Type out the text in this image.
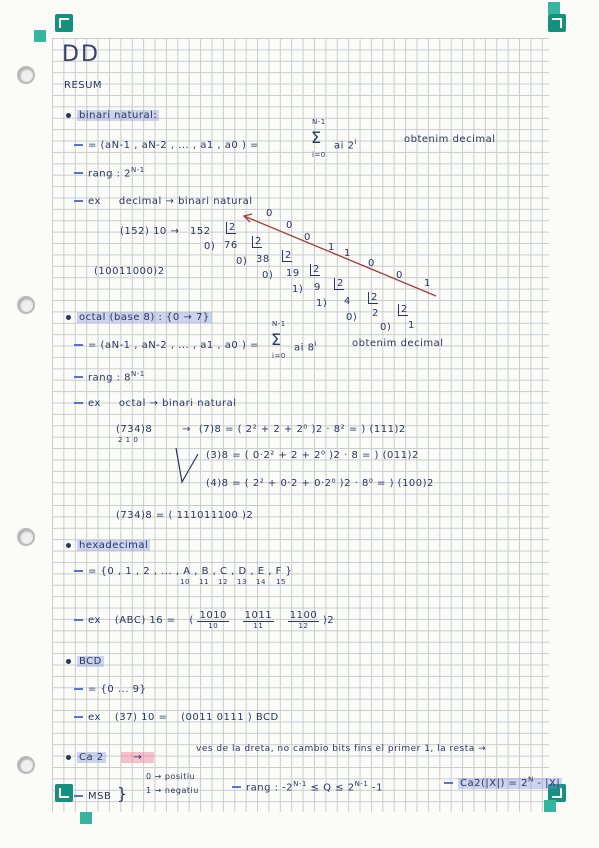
DD
RESUM
binari natural:
= (aN-1 , aN-2 , ... , a1 , a0 ) =
N-1
Σ
i=0
ai 2$^i$	obtenim decimal
rang : $2^{N-1}$
ex decimal → binari natural
(152) 10 → 152	2
0) 76	2
0) 38	2
0) 19	2
1) 9	2
1) 4	2
0) 2	2
0) 1
0
0
0
1
1
0
0
1
(10011000)2
octal (base 8) : {0 → 7}
= (aN-1 , aN-2 , ... , a1 , a0 ) =
N-1
Σ
i=0
ai 8$^i$	obtenim decimal
rang : $8^{N-1}$
ex octal → binari natural
(734)8
2 1 0
→ (7)8 = ( 2² + 2 + 2⁰ )2 · 8² = ) (111)2
(3)8 = ( 0·2² + 2 + 2⁰ )2 · 8 = ) (011)2
(4)8 = ( 2² + 0·2 + 0·2⁰ )2 · 8⁰ = ) (100)2
(734)8 = ( 111011100 )2
hexadecimal
= {0 , 1 , 2 , ... , A , B , C , D , E , F }
10 11 12 13 14 15
ex (ABC) 16 = ( $\frac{1010}{10}$
$\frac{1011}{11}$
$\frac{1100}{12} )2$
BCD
= {0 ... 9}
ex (37) 10 = (0011 0111 ) BCD
Ca 2	→
ves de la dreta, no cambio bits fins el primer 1, la resta →
MSB }
0 → positiu
1 → negatiu	rang : $-2^{N-1} \le Q \le 2^{N-1}$ -1	$Ca2(|X|) = 2^N - |X|$
